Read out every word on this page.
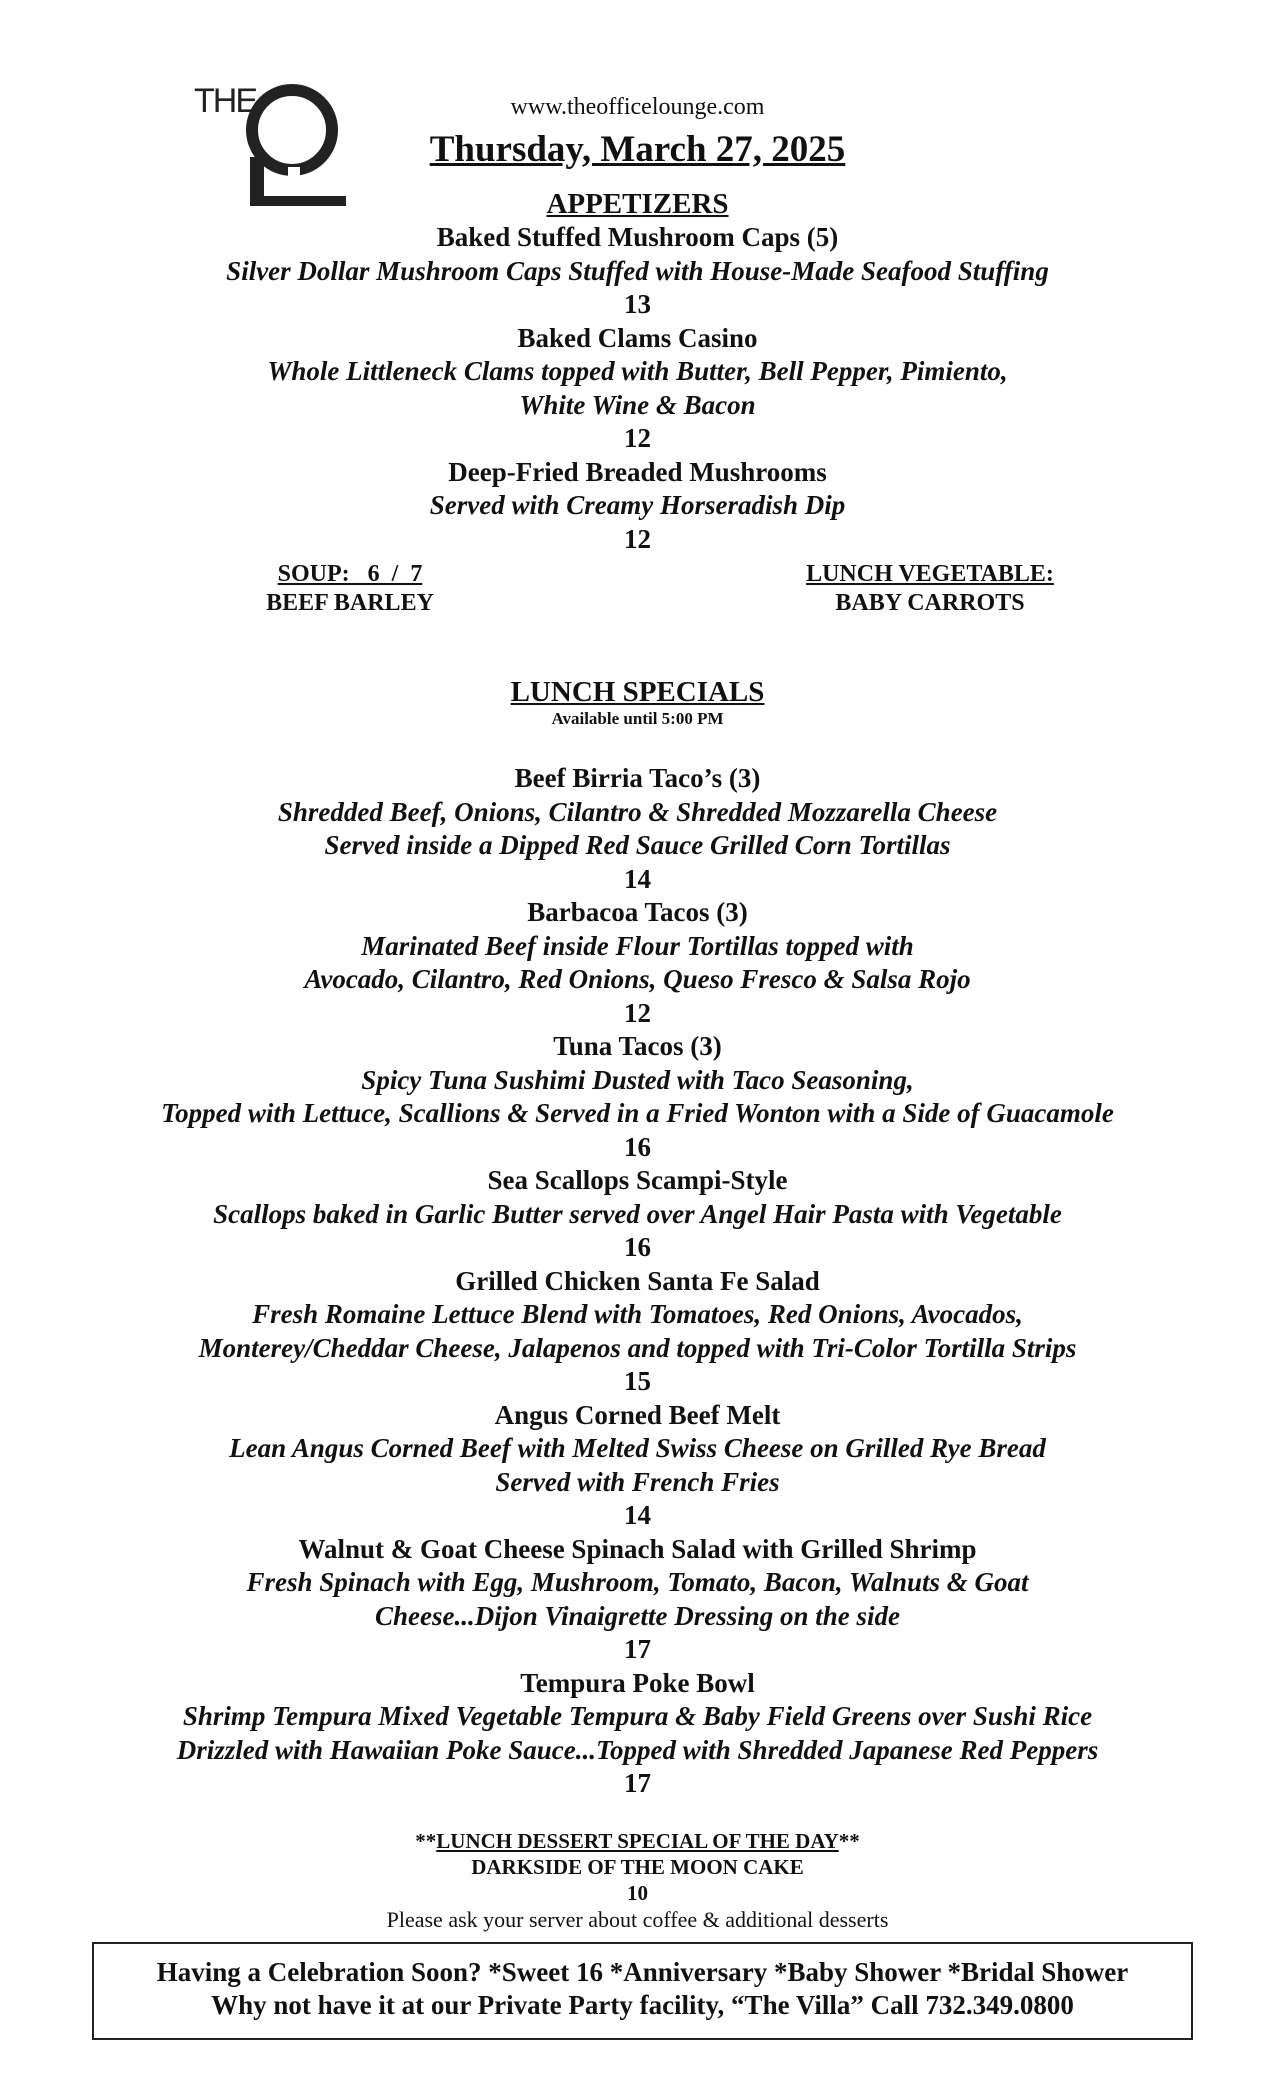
THE	www.theofficelounge.com
Thursday, March 27, 2025
APPETIZERS
Baked Stuffed Mushroom Caps (5)
Silver Dollar Mushroom Caps Stuffed with House-Made Seafood Stuffing
13
Baked Clams Casino
Whole Littleneck Clams topped with Butter, Bell Pepper, Pimiento,
White Wine & Bacon
12
Deep-Fried Breaded Mushrooms
Served with Creamy Horseradish Dip
12
SOUP:   6  /  7
BEEF BARLEY
LUNCH VEGETABLE:
BABY CARROTS
LUNCH SPECIALS
Available until 5:00 PM
Beef Birria Taco’s (3)
Shredded Beef, Onions, Cilantro & Shredded Mozzarella Cheese
Served inside a Dipped Red Sauce Grilled Corn Tortillas
14
Barbacoa Tacos (3)
Marinated Beef inside Flour Tortillas topped with
Avocado, Cilantro, Red Onions, Queso Fresco & Salsa Rojo
12
Tuna Tacos (3)
Spicy Tuna Sushimi Dusted with Taco Seasoning,
Topped with Lettuce, Scallions & Served in a Fried Wonton with a Side of Guacamole
16
Sea Scallops Scampi-Style
Scallops baked in Garlic Butter served over Angel Hair Pasta with Vegetable
16
Grilled Chicken Santa Fe Salad
Fresh Romaine Lettuce Blend with Tomatoes, Red Onions, Avocados,
Monterey/Cheddar Cheese, Jalapenos and topped with Tri-Color Tortilla Strips
15
Angus Corned Beef Melt
Lean Angus Corned Beef with Melted Swiss Cheese on Grilled Rye Bread
Served with French Fries
14
Walnut & Goat Cheese Spinach Salad with Grilled Shrimp
Fresh Spinach with Egg, Mushroom, Tomato, Bacon, Walnuts & Goat
Cheese...Dijon Vinaigrette Dressing on the side
17
Tempura Poke Bowl
Shrimp Tempura Mixed Vegetable Tempura & Baby Field Greens over Sushi Rice
Drizzled with Hawaiian Poke Sauce...Topped with Shredded Japanese Red Peppers
17
**LUNCH DESSERT SPECIAL OF THE DAY**
DARKSIDE OF THE MOON CAKE
10
Please ask your server about coffee & additional desserts
Having a Celebration Soon? *Sweet 16 *Anniversary *Baby Shower *Bridal Shower
Why not have it at our Private Party facility, “The Villa” Call 732.349.0800
